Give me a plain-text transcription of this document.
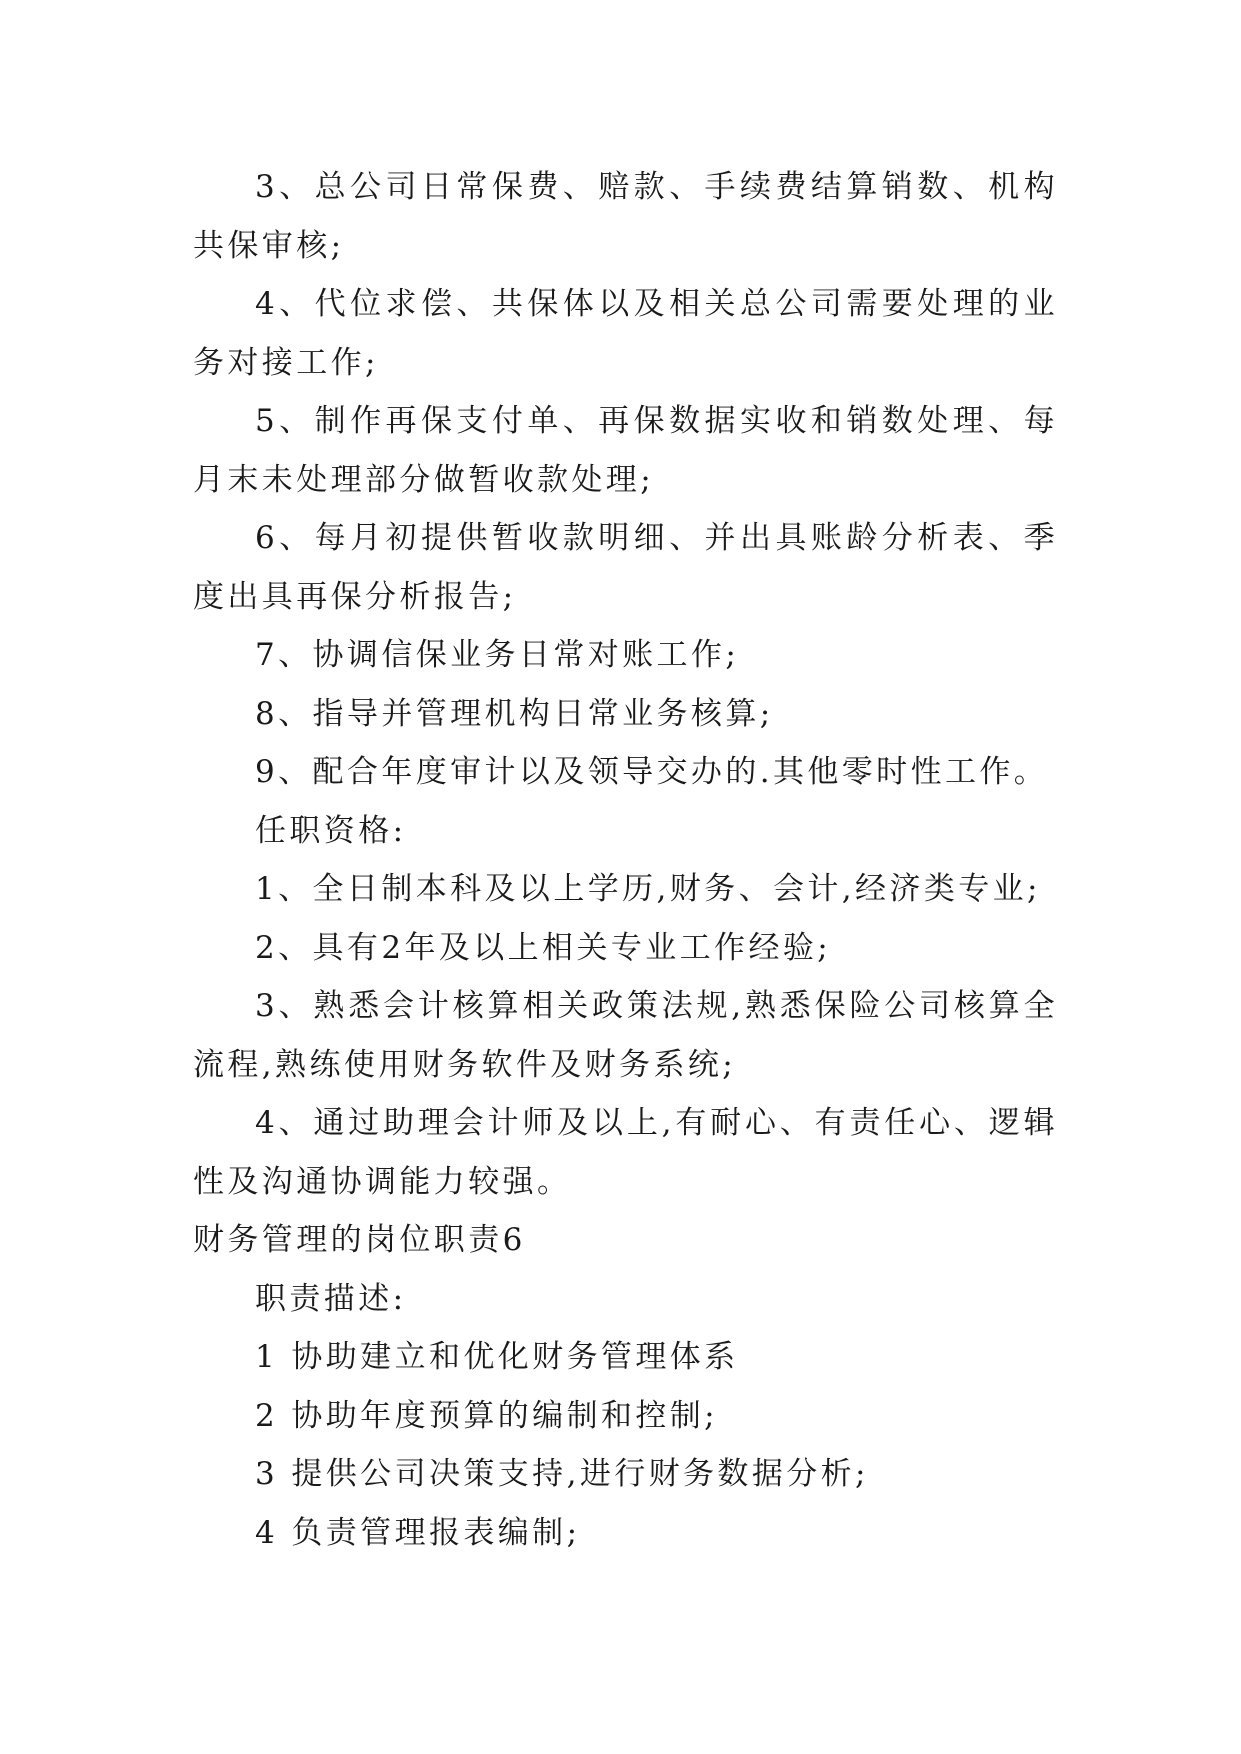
3、总公司日常保费、赔款、手续费结算销数、机构共保审核;

4、代位求偿、共保体以及相关总公司需要处理的业务对接工作;

5、制作再保支付单、再保数据实收和销数处理、每月末未处理部分做暂收款处理;

6、每月初提供暂收款明细、并出具账龄分析表、季度出具再保分析报告;

7、协调信保业务日常对账工作;

8、指导并管理机构日常业务核算;

9、配合年度审计以及领导交办的.其他零时性工作。

任职资格:

1、全日制本科及以上学历,财务、会计,经济类专业;

2、具有2年及以上相关专业工作经验;

3、熟悉会计核算相关政策法规,熟悉保险公司核算全流程,熟练使用财务软件及财务系统;

4、通过助理会计师及以上,有耐心、有责任心、逻辑性及沟通协调能力较强。

财务管理的岗位职责6

职责描述:

1 协助建立和优化财务管理体系

2 协助年度预算的编制和控制;

3 提供公司决策支持,进行财务数据分析;

4 负责管理报表编制;
